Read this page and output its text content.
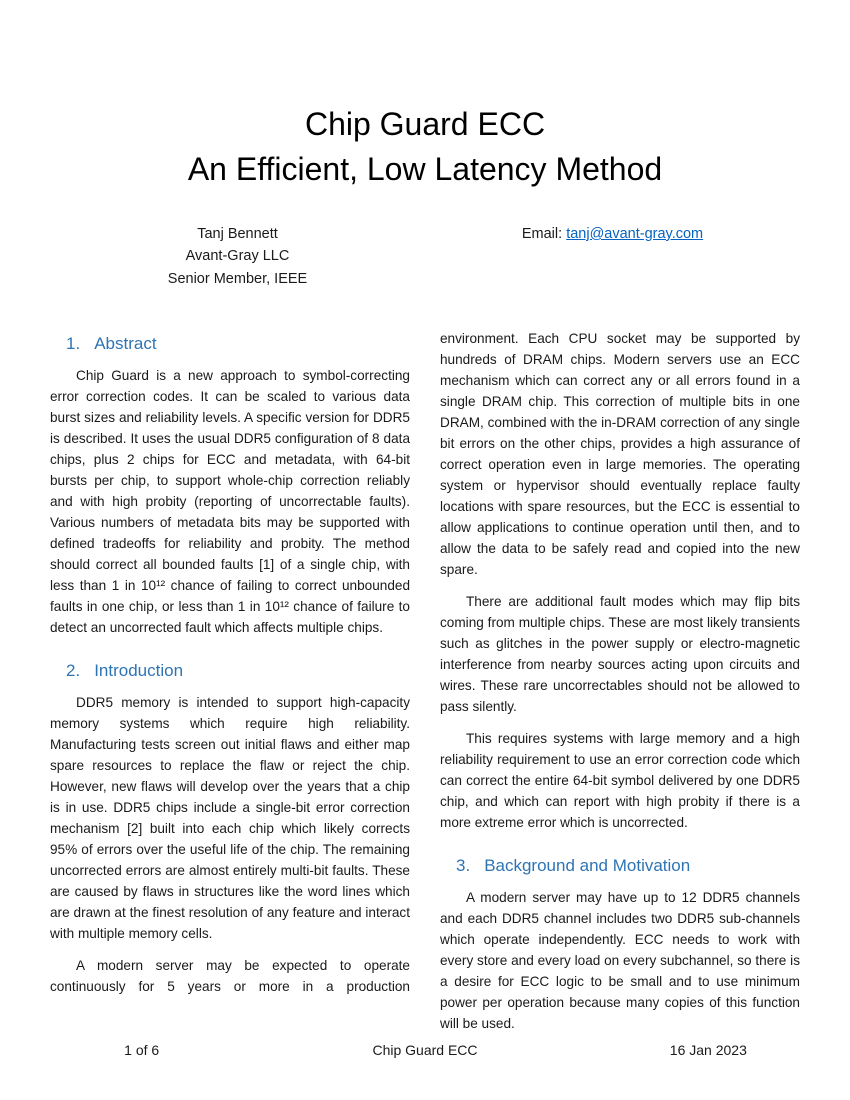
Chip Guard ECC
An Efficient, Low Latency Method
Tanj Bennett
Avant-Gray LLC
Senior Member, IEEE
Email: tanj@avant-gray.com
1. Abstract

Chip Guard is a new approach to symbol-correcting error correction codes. It can be scaled to various data burst sizes and reliability levels. A specific version for DDR5 is described. It uses the usual DDR5 configuration of 8 data chips, plus 2 chips for ECC and metadata, with 64-bit bursts per chip, to support whole-chip correction reliably and with high probity (reporting of uncorrectable faults). Various numbers of metadata bits may be supported with defined tradeoffs for reliability and probity. The method should correct all bounded faults [1] of a single chip, with less than 1 in 10¹² chance of failing to correct unbounded faults in one chip, or less than 1 in 10¹² chance of failure to detect an uncorrected fault which affects multiple chips.

2. Introduction

DDR5 memory is intended to support high-capacity memory systems which require high reliability. Manufacturing tests screen out initial flaws and either map spare resources to replace the flaw or reject the chip. However, new flaws will develop over the years that a chip is in use. DDR5 chips include a single-bit error correction mechanism [2] built into each chip which likely corrects 95% of errors over the useful life of the chip. The remaining uncorrected errors are almost entirely multi-bit faults. These are caused by flaws in structures like the word lines which are drawn at the finest resolution of any feature and interact with multiple memory cells.

A modern server may be expected to operate continuously for 5 years or more in a production

environment. Each CPU socket may be supported by hundreds of DRAM chips. Modern servers use an ECC mechanism which can correct any or all errors found in a single DRAM chip. This correction of multiple bits in one DRAM, combined with the in-DRAM correction of any single bit errors on the other chips, provides a high assurance of correct operation even in large memories. The operating system or hypervisor should eventually replace faulty locations with spare resources, but the ECC is essential to allow applications to continue operation until then, and to allow the data to be safely read and copied into the new spare.

There are additional fault modes which may flip bits coming from multiple chips. These are most likely transients such as glitches in the power supply or electro-magnetic interference from nearby sources acting upon circuits and wires. These rare uncorrectables should not be allowed to pass silently.

This requires systems with large memory and a high reliability requirement to use an error correction code which can correct the entire 64-bit symbol delivered by one DDR5 chip, and which can report with high probity if there is a more extreme error which is uncorrected.

3. Background and Motivation

A modern server may have up to 12 DDR5 channels and each DDR5 channel includes two DDR5 sub-channels which operate independently. ECC needs to work with every store and every load on every subchannel, so there is a desire for ECC logic to be small and to use minimum power per operation because many copies of this function will be used.

1 of 6	Chip Guard ECC	16 Jan 2023
